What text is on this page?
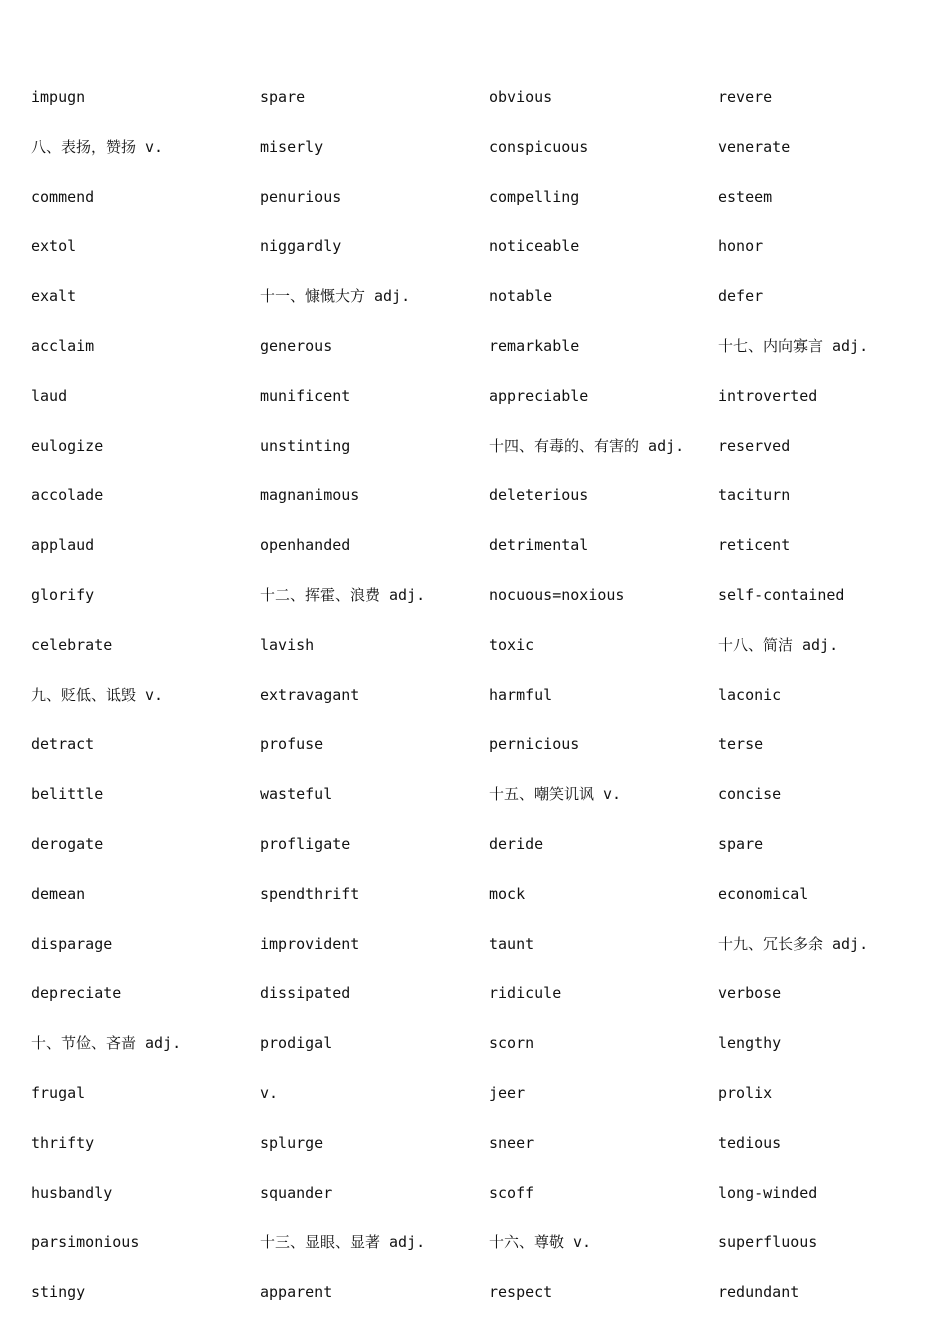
impugn	spare	obvious	revere
八、表扬，赞扬 v.	miserly	conspicuous	venerate
commend	penurious	compelling	esteem
extol	niggardly	noticeable	honor
exalt	十一、慷慨大方 adj.	notable	defer
acclaim	generous	remarkable	十七、内向寡言 adj.
laud	munificent	appreciable	introverted
eulogize	unstinting	十四、有毒的、有害的 adj.	reserved
accolade	magnanimous	deleterious	taciturn
applaud	openhanded	detrimental	reticent
glorify	十二、挥霍、浪费 adj.	nocuous=noxious	self-contained
celebrate	lavish	toxic	十八、简洁 adj.
九、贬低、诋毁 v.	extravagant	harmful	laconic
detract	profuse	pernicious	terse
belittle	wasteful	十五、嘲笑讥讽 v.	concise
derogate	profligate	deride	spare
demean	spendthrift	mock	economical
disparage	improvident	taunt	十九、冗长多余 adj.
depreciate	dissipated	ridicule	verbose
十、节俭、吝啬 adj.	prodigal	scorn	lengthy
frugal	v.	jeer	prolix
thrifty	splurge	sneer	tedious
husbandly	squander	scoff	long-winded
parsimonious	十三、显眼、显著 adj.	十六、尊敬 v.	superfluous
stingy	apparent	respect	redundant
